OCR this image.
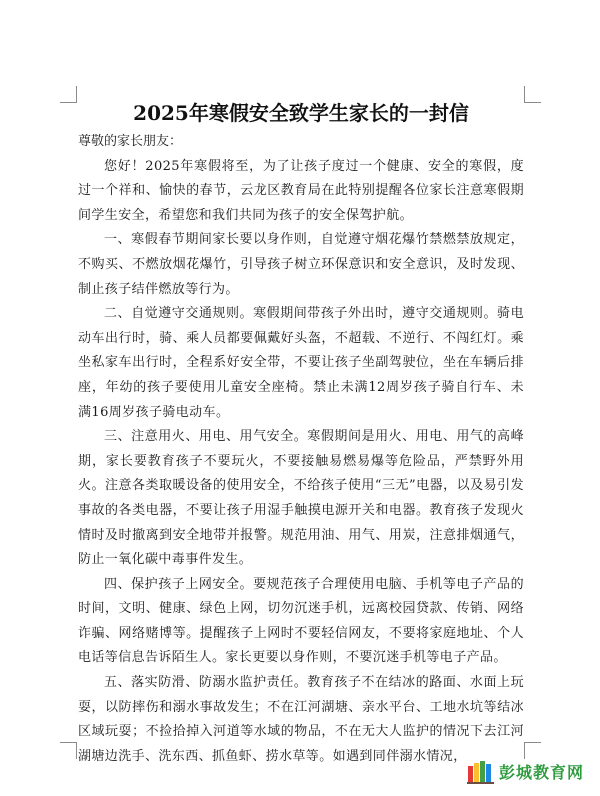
2025年寒假安全致学生家长的一封信

尊敬的家长朋友：

您好！2025年寒假将至，为了让孩子度过一个健康、安全的寒假，度过一个祥和、愉快的春节，云龙区教育局在此特别提醒各位家长注意寒假期间学生安全，希望您和我们共同为孩子的安全保驾护航。

一、寒假春节期间家长要以身作则，自觉遵守烟花爆竹禁燃禁放规定，不购买、不燃放烟花爆竹，引导孩子树立环保意识和安全意识，及时发现、制止孩子结伴燃放等行为。

二、自觉遵守交通规则。寒假期间带孩子外出时，遵守交通规则。骑电动车出行时，骑、乘人员都要佩戴好头盔，不超载、不逆行、不闯红灯。乘坐私家车出行时，全程系好安全带，不要让孩子坐副驾驶位，坐在车辆后排座，年幼的孩子要使用儿童安全座椅。禁止未满12周岁孩子骑自行车、未满16周岁孩子骑电动车。

三、注意用火、用电、用气安全。寒假期间是用火、用电、用气的高峰期，家长要教育孩子不要玩火，不要接触易燃易爆等危险品，严禁野外用火。注意各类取暖设备的使用安全，不给孩子使用“三无”电器，以及易引发事故的各类电器，不要让孩子用湿手触摸电源开关和电器。教育孩子发现火情时及时撤离到安全地带并报警。规范用油、用气、用炭，注意排烟通气，防止一氧化碳中毒事件发生。

四、保护孩子上网安全。要规范孩子合理使用电脑、手机等电子产品的时间，文明、健康、绿色上网，切勿沉迷手机，远离校园贷款、传销、网络诈骗、网络赌博等。提醒孩子上网时不要轻信网友，不要将家庭地址、个人电话等信息告诉陌生人。家长更要以身作则，不要沉迷手机等电子产品。

五、落实防滑、防溺水监护责任。教育孩子不在结冰的路面、水面上玩耍，以防摔伤和溺水事故发生；不在江河湖塘、亲水平台、工地水坑等结冰区域玩耍；不捡拾掉入河道等水域的物品，不在无大人监护的情况下去江河湖塘边洗手、洗东西、抓鱼虾、捞水草等。如遇到同伴溺水情况，

彭城教育网
